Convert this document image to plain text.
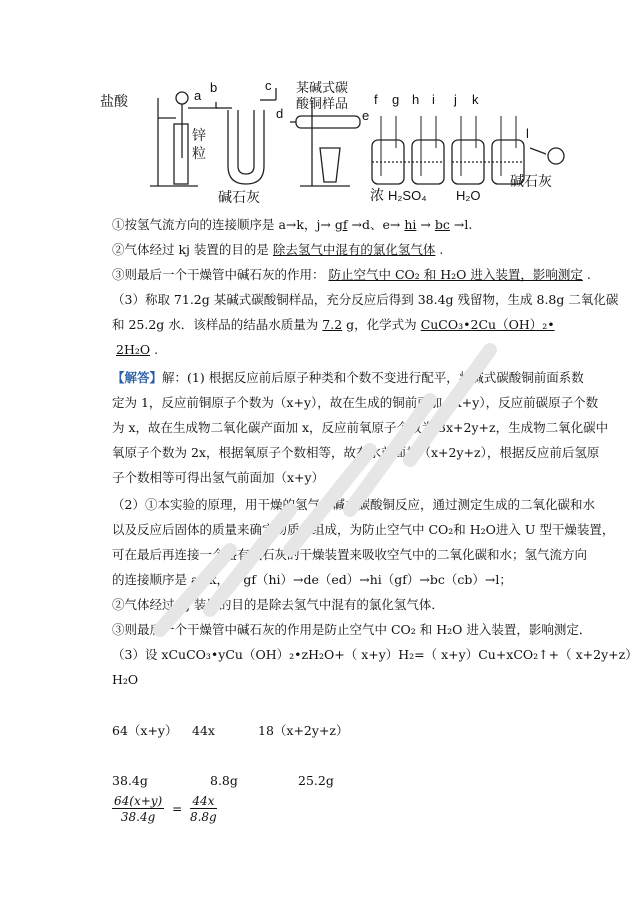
盐酸	a
b	c
d
锌
粒
碱石灰
某碱式碳
酸铜样品
e
f g h i j k
l
浓 H₂SO₄ H₂O
碱石灰
①按氢气流方向的连接顺序是 a→k，j→ gf →d、e→ hi → bc →l.
②气体经过 kj 装置的目的是 除去氢气中混有的氯化氢气体 .
③则最后一个干燥管中碱石灰的作用： 防止空气中 CO₂ 和 H₂O 进入装置，影响测定 .
（3）称取 71.2g 某碱式碳酸铜样品，充分反应后得到 38.4g 残留物，生成 8.8g 二氧化碳
和 25.2g 水．该样品的结晶水质量为 7.2 g，化学式为 CuCO₃•2Cu（OH）₂•
2H₂O .
【解答】解：(1) 根据反应前后原子种类和个数不变进行配平，将碱式碳酸铜前面系数
定为 1，反应前铜原子个数为（x+y），故在生成的铜前面加（x+y），反应前碳原子个数
为 x，故在生成物二氧化碳产面加 x，反应前氧原子个数为 3x+2y+z，生成物二氧化碳中
氧原子个数为 2x，根据氧原子个数相等，故在水前面加（x+2y+z），根据反应前后氢原
子个数相等可得出氢气前面加（x+y）
（2）①本实验的原理，用干燥的氢气与碱式碳酸铜反应，通过测定生成的二氧化碳和水
以及反应后固体的质量来确定物质的组成，为防止空气中 CO₂和 H₂O进入 U 型干燥装置，
可在最后再连接一个盛有碱石灰的干燥装置来吸收空气中的二氧化碳和水；氢气流方向
的连接顺序是 a→k，j→gf（hi）→de（ed）→hi（gf）→bc（cb）→l；
②气体经过 kj 装置的目的是除去氢气中混有的氯化氢气体．
③则最后一个干燥管中碱石灰的作用是防止空气中 CO₂ 和 H₂O 进入装置，影响测定．
（3）设 xCuCO₃•yCu（OH）₂•zH₂O+（ x+y）H₂=（ x+y）Cu+xCO₂↑+（ x+2y+z）
H₂O
64（x+y） 44x	18（x+2y+z）
38.4g	8.8g	25.2g
$\frac{64(x+y)}{38.4g} = \frac{44x}{8.8g}$
